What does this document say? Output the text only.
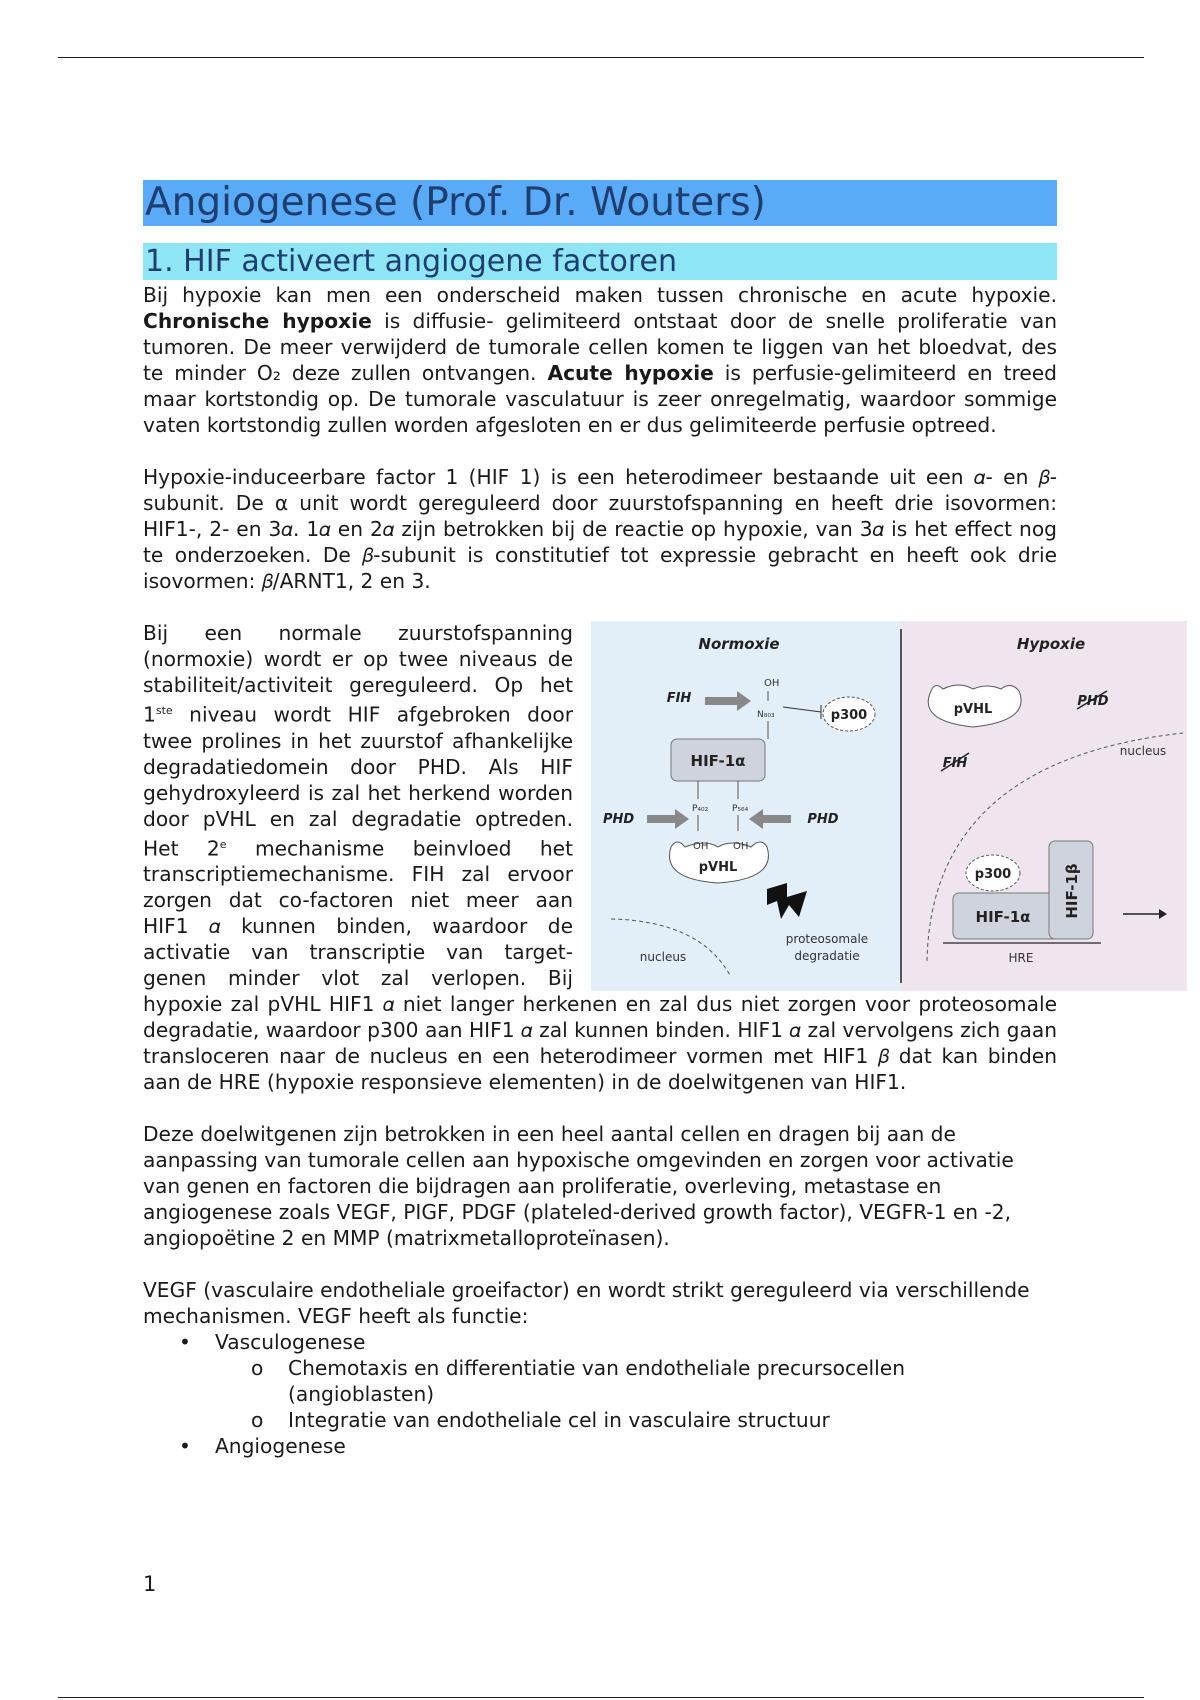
Angiogenese (Prof. Dr. Wouters)
1. HIF activeert angiogene factoren

Bij hypoxie kan men een onderscheid maken tussen chronische en acute hypoxie. Chronische hypoxie is diffusie- gelimiteerd ontstaat door de snelle proliferatie van tumoren. De meer verwijderd de tumorale cellen komen te liggen van het bloedvat, des te minder O₂ deze zullen ontvangen. Acute hypoxie is perfusie-gelimiteerd en treed maar kortstondig op. De tumorale vasculatuur is zeer onregelmatig, waardoor sommige vaten kortstondig zullen worden afgesloten en er dus gelimiteerde perfusie optreed.

Hypoxie-induceerbare factor 1 (HIF 1) is een heterodimeer bestaande uit een 𝛼- en 𝛽-subunit. De α unit wordt gereguleerd door zuurstofspanning en heeft drie isovormen: HIF1-, 2- en 3𝛼. 1𝛼 en 2𝛼 zijn betrokken bij de reactie op hypoxie, van 3𝛼 is het effect nog te onderzoeken. De 𝛽-subunit is constitutief tot expressie gebracht en heeft ook drie isovormen: 𝛽/ARNT1, 2 en 3.

Normoxie	Hypoxie
FIH
OH
N₈₀₃	p300
HIF-1α
PHD
P₄₀₂	P₅₆₄
PHD
OH OH
pVHL
proteosomale
degradatie
nucleus
pVHL
PHD
FIH
nucleus
p300
HIF-1α HIF-1β
HRE

Bij een normale zuurstofspanning (normoxie) wordt er op twee niveaus de stabiliteit/activiteit gereguleerd. Op het 1ste niveau wordt HIF afgebroken door twee prolines in het zuurstof afhankelijke degradatiedomein door PHD. Als HIF gehydroxyleerd is zal het herkend worden door pVHL en zal degradatie optreden. Het 2e mechanisme beinvloed het transcriptiemechanisme. FIH zal ervoor zorgen dat co-factoren niet meer aan HIF1 𝛼 kunnen binden, waardoor de activatie van transcriptie van target-genen minder vlot zal verlopen. Bij hypoxie zal pVHL HIF1 𝛼 niet langer herkenen en zal dus niet zorgen voor proteosomale degradatie, waardoor p300 aan HIF1 𝛼 zal kunnen binden. HIF1 𝛼 zal vervolgens zich gaan transloceren naar de nucleus en een heterodimeer vormen met HIF1 𝛽 dat kan binden aan de HRE (hypoxie responsieve elementen) in de doelwitgenen van HIF1.

Deze doelwitgenen zijn betrokken in een heel aantal cellen en dragen bij aan de aanpassing van tumorale cellen aan hypoxische omgevinden en zorgen voor activatie van genen en factoren die bijdragen aan proliferatie, overleving, metastase en angiogenese zoals VEGF, PIGF, PDGF (plateled-derived growth factor), VEGFR-1 en -2, angiopoëtine 2 en MMP (matrixmetalloproteïnasen).

VEGF (vasculaire endotheliale groeifactor) en wordt strikt gereguleerd via verschillende mechanismen. VEGF heeft als functie:

• Vasculogenese
o Chemotaxis en differentiatie van endotheliale precursocellen (angioblasten)
o Integratie van endotheliale cel in vasculaire structuur
• Angiogenese
1
